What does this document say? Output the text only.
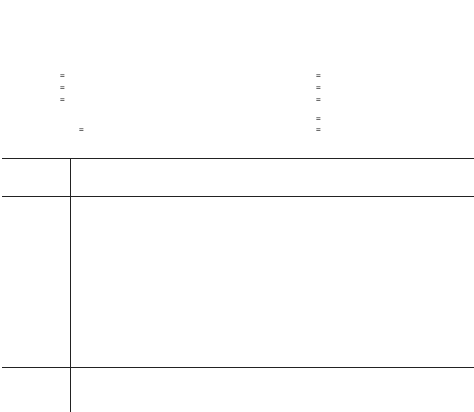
=
=
=
=
=
=
=
=	=
